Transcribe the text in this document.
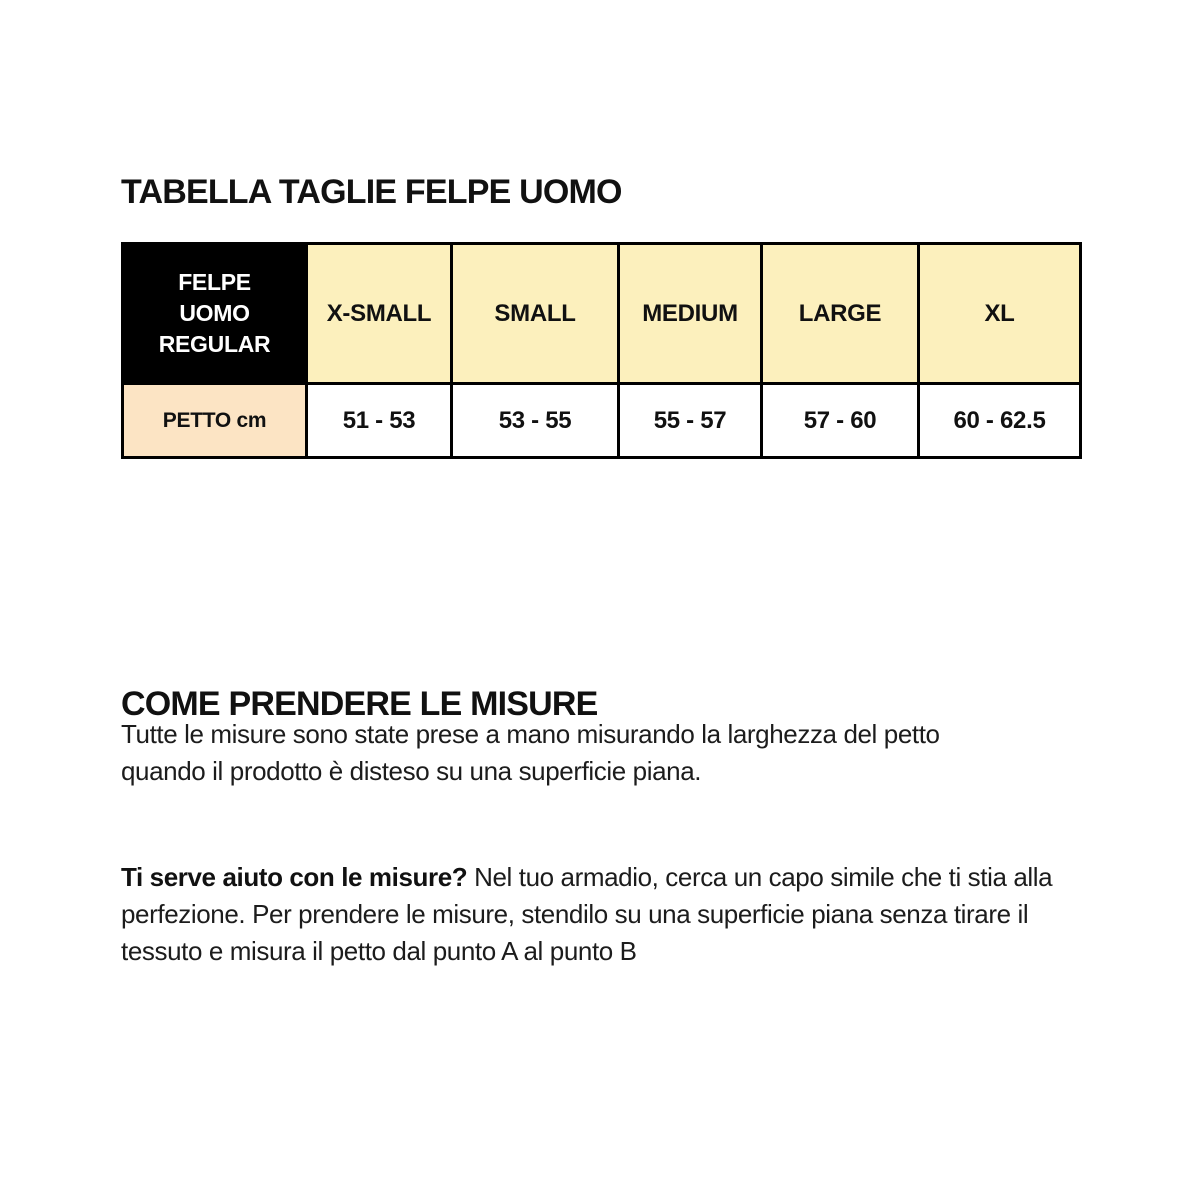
TABELLA TAGLIE FELPE UOMO
FELPE
UOMO
REGULAR	X-SMALL	SMALL	MEDIUM	LARGE	XL
PETTO cm	51 - 53	53 - 55	55 - 57	57 - 60	60 - 62.5
COME PRENDERE LE MISURE
Tutte le misure sono state prese a mano misurando la larghezza del petto
quando il prodotto è disteso su una superficie piana.
Ti serve aiuto con le misure? Nel tuo armadio, cerca un capo simile che ti stia alla
perfezione. Per prendere le misure, stendilo su una superficie piana senza tirare il
tessuto e misura il petto dal punto A al punto B
